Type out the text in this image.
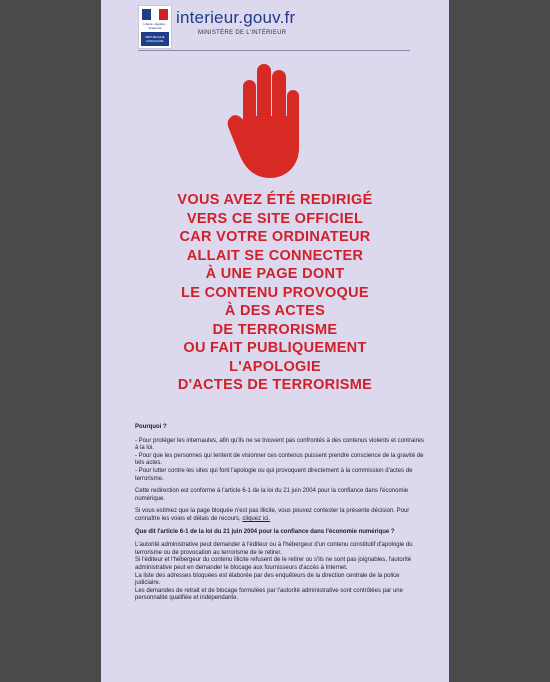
Liberté • Égalité • Fraternité
RÉPUBLIQUE FRANÇAISE
interieur.gouv.fr
MINISTÈRE DE L'INTÉRIEUR
VOUS AVEZ ÉTÉ REDIRIGÉ
VERS CE SITE OFFICIEL
CAR VOTRE ORDINATEUR
ALLAIT SE CONNECTER
À UNE PAGE DONT
LE CONTENU PROVOQUE
À DES ACTES
DE TERRORISME
OU FAIT PUBLIQUEMENT
L'APOLOGIE
D'ACTES DE TERRORISME

Pourquoi ?

- Pour protéger les internautes, afin qu'ils ne se trouvent pas confrontés à des contenus violents et contraires à la loi.
- Pour que les personnes qui tentent de visionner ces contenus puissent prendre conscience de la gravité de tels actes.
- Pour lutter contre les sites qui font l'apologie ou qui provoquent directement à la commission d'actes de terrorisme.

Cette redirection est conforme à l'article 6-1 de la loi du 21 juin 2004 pour la confiance dans l'économie numérique.

Si vous estimez que la page bloquée n'est pas illicite, vous pouvez contester la présente décision. Pour connaître les voies et délais de recours, cliquez ici.

Que dit l'article 6-1 de la loi du 21 juin 2004 pour la confiance dans l'économie numérique ?

L'autorité administrative peut demander à l'éditeur ou à l'hébergeur d'un contenu constitutif d'apologie du terrorisme ou de provocation au terrorisme de le retirer.
Si l'éditeur et l'hébergeur du contenu illicite refusent de le retirer ou s'ils ne sont pas joignables, l'autorité administrative peut en demander le blocage aux fournisseurs d'accès à Internet.
La liste des adresses bloquées est élaborée par des enquêteurs de la direction centrale de la police judiciaire.
Les demandes de retrait et de blocage formulées par l'autorité administrative sont contrôlées par une personnalité qualifiée et indépendante.
